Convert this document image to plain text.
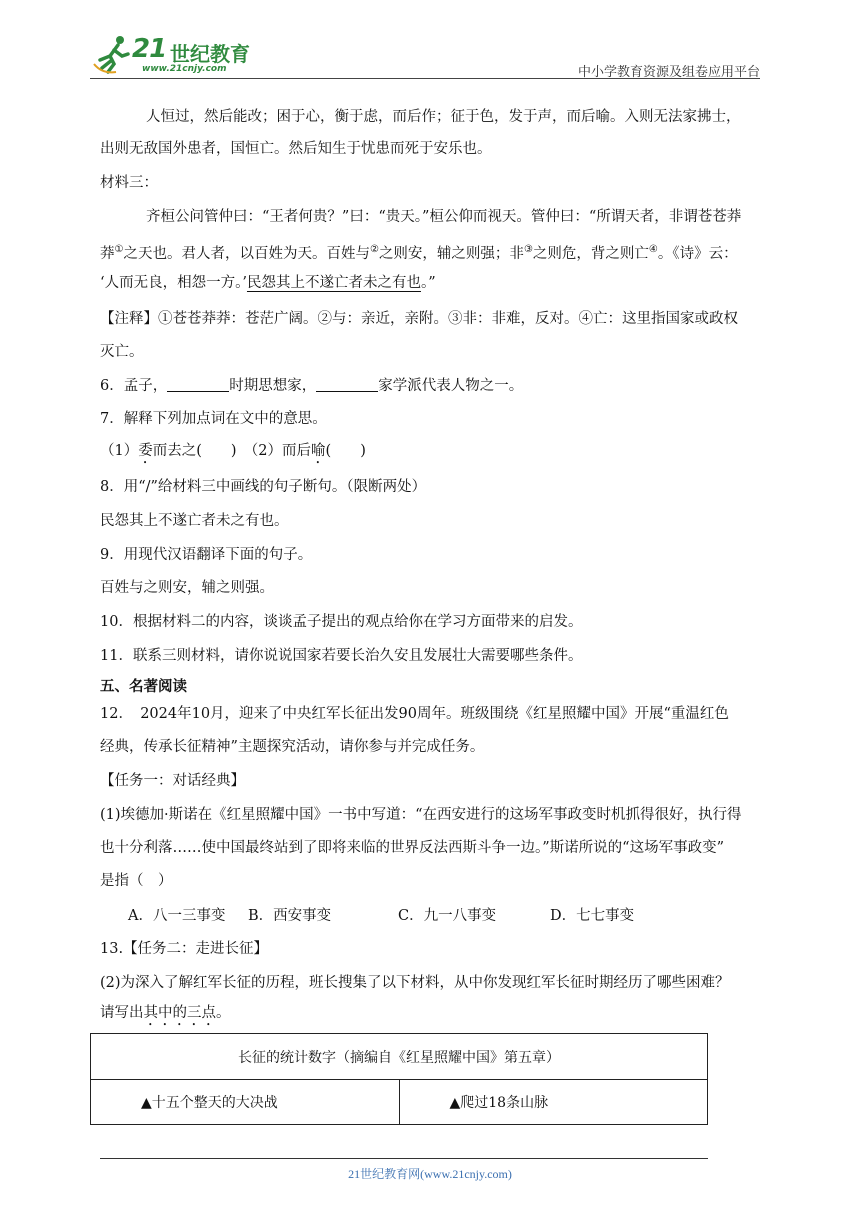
21 世纪教育
www.21cnjy.com	中小学教育资源及组卷应用平台
人恒过，然后能改；困于心，衡于虑，而后作；征于色，发于声，而后喻。入则无法家拂士，
出则无敌国外患者，国恒亡。然后知生于忧患而死于安乐也。
材料三：
齐桓公问管仲曰：“王者何贵？”曰：“贵天。”桓公仰而视天。管仲曰：“所谓天者，非谓苍苍莽
莽①之天也。君人者，以百姓为天。百姓与②之则安，辅之则强；非③之则危，背之则亡④。《诗》云：
‘人而无良，相怨一方。’民怨其上不遂亡者未之有也。”
【注释】①苍苍莽莽：苍茫广阔。②与：亲近，亲附。③非：非难，反对。④亡：这里指国家或政权
灭亡。
6．孟子，	时期思想家，	家学派代表人物之一。
7．解释下列加点词在文中的意思。
（1）委而去之(　　)　（2）而后喻(　　)
8．用“/”给材料三中画线的句子断句。（限断两处）
民怨其上不遂亡者未之有也。
9．用现代汉语翻译下面的句子。
百姓与之则安，辅之则强。
10．根据材料二的内容，谈谈孟子提出的观点给你在学习方面带来的启发。
11．联系三则材料，请你说说国家若要长治久安且发展壮大需要哪些条件。
五、名著阅读
12．　2024年10月，迎来了中央红军长征出发90周年。班级围绕《红星照耀中国》开展“重温红色
经典，传承长征精神”主题探究活动，请你参与并完成任务。
【任务一：对话经典】
(1)埃德加·斯诺在《红星照耀中国》一书中写道：“在西安进行的这场军事政变时机抓得很好，执行得
也十分利落……使中国最终站到了即将来临的世界反法西斯斗争一边。”斯诺所说的“这场军事政变”
是指（　）
A．八一三事变 B．西安事变	C．九一八事变	D．七七事变
13.【任务二：走进长征】
(2)为深入了解红军长征的历程，班长搜集了以下材料，从中你发现红军长征时期经历了哪些困难？
请写出其中的三点。
长征的统计数字（摘编自《红星照耀中国》第五章）
▲十五个整天的大决战	▲爬过18条山脉
21世纪教育网(www.21cnjy.com)
